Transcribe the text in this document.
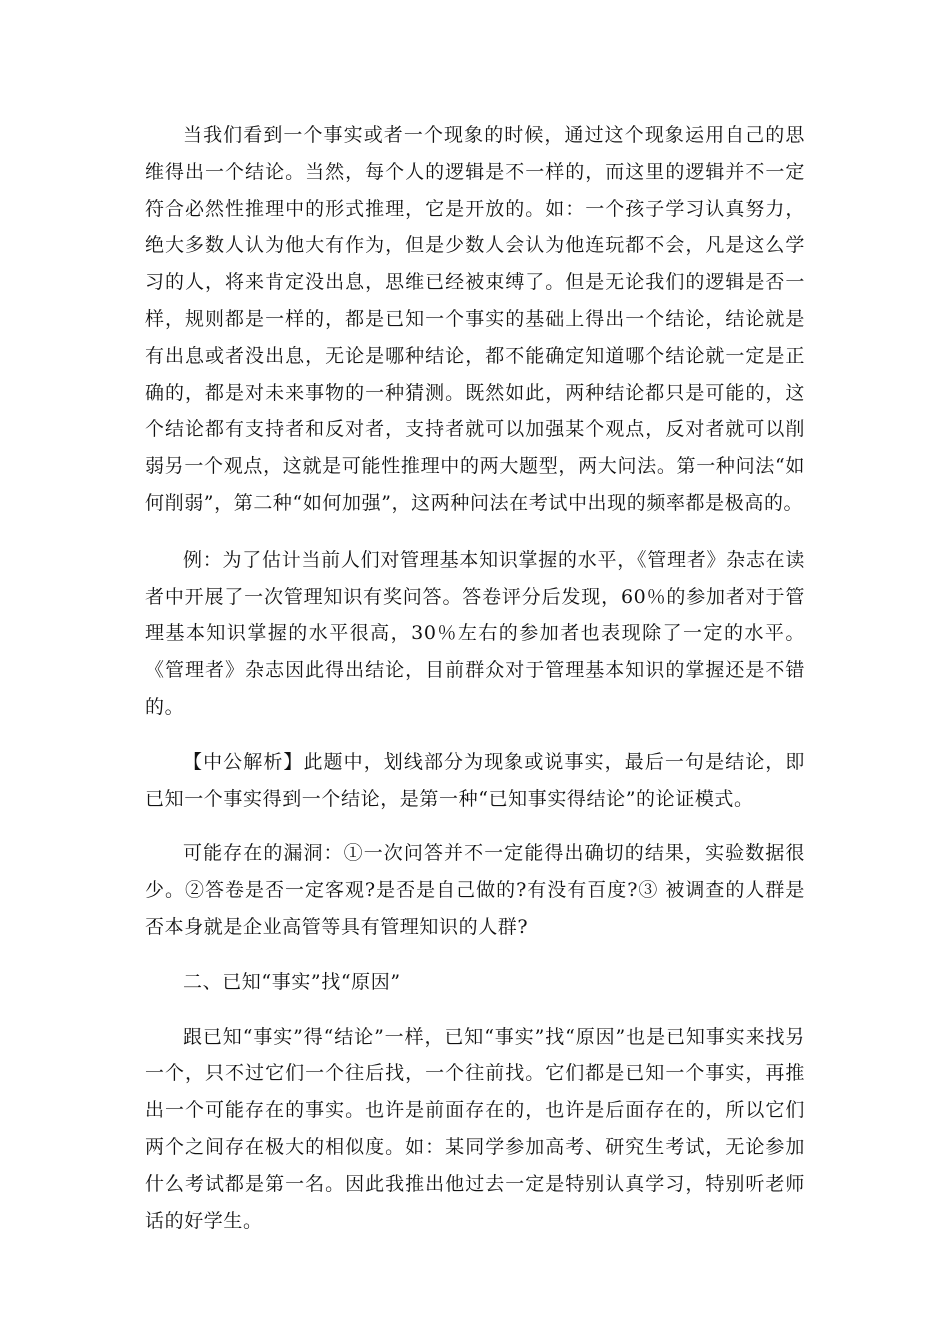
当我们看到一个事实或者一个现象的时候，通过这个现象运用自己的思维得出一个结论。当然，每个人的逻辑是不一样的，而这里的逻辑并不一定符合必然性推理中的形式推理，它是开放的。如：一个孩子学习认真努力，绝大多数人认为他大有作为，但是少数人会认为他连玩都不会，凡是这么学习的人，将来肯定没出息，思维已经被束缚了。但是无论我们的逻辑是否一样，规则都是一样的，都是已知一个事实的基础上得出一个结论，结论就是有出息或者没出息，无论是哪种结论，都不能确定知道哪个结论就一定是正确的，都是对未来事物的一种猜测。既然如此，两种结论都只是可能的，这个结论都有支持者和反对者，支持者就可以加强某个观点，反对者就可以削弱另一个观点，这就是可能性推理中的两大题型，两大问法。第一种问法“如何削弱”，第二种“如何加强”，这两种问法在考试中出现的频率都是极高的。

例：为了估计当前人们对管理基本知识掌握的水平，《管理者》杂志在读者中开展了一次管理知识有奖问答。答卷评分后发现，60％的参加者对于管理基本知识掌握的水平很高，30％左右的参加者也表现除了一定的水平。《管理者》杂志因此得出结论，目前群众对于管理基本知识的掌握还是不错的。

【中公解析】此题中，划线部分为现象或说事实，最后一句是结论，即已知一个事实得到一个结论，是第一种“已知事实得结论”的论证模式。

可能存在的漏洞：①一次问答并不一定能得出确切的结果，实验数据很少。②答卷是否一定客观?是否是自己做的?有没有百度?③ 被调查的人群是否本身就是企业高管等具有管理知识的人群?

二、已知“事实”找“原因”

跟已知“事实”得“结论”一样，已知“事实”找“原因”也是已知事实来找另一个，只不过它们一个往后找，一个往前找。它们都是已知一个事实，再推出一个可能存在的事实。也许是前面存在的，也许是后面存在的，所以它们两个之间存在极大的相似度。如：某同学参加高考、研究生考试，无论参加什么考试都是第一名。因此我推出他过去一定是特别认真学习，特别听老师话的好学生。
